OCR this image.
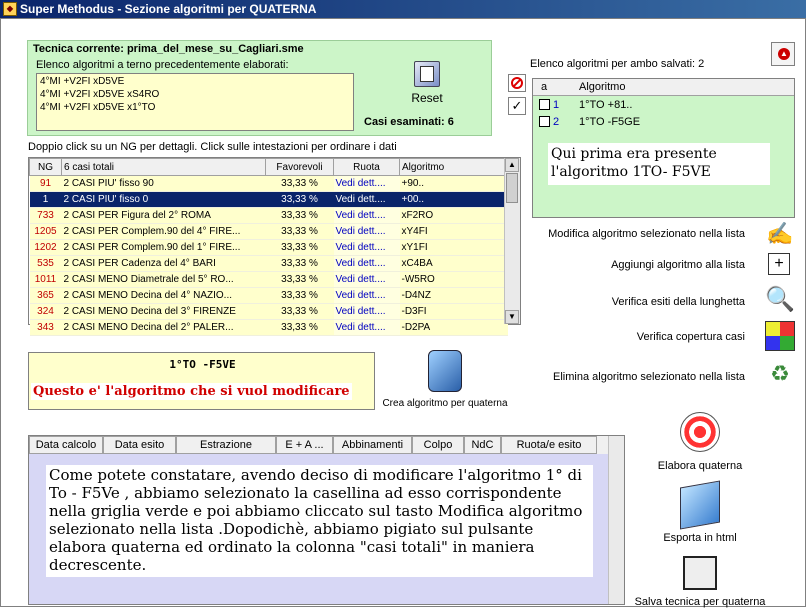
◆ Super Methodus - Sezione algoritmi per QUATERNA
Tecnica corrente: prima_del_mese_su_Cagliari.sme
Elenco algoritmi a terno precedentemente elaborati:
4°MI +V2FI xD5VE
4°MI +V2FI xD5VE xS4RO
4°MI +V2FI xD5VE x1°TO
Reset
Casi esaminati: 6
Doppio click su un NG per dettagli. Click sulle intestazioni per ordinare i dati
NG	6 casi totali	Favorevoli	Ruota	Algoritmo
91	2 CASI PIU' fisso 90	33,33 %	Vedi dett....	+90..
1	2 CASI PIU' fisso 0	33,33 %	Vedi dett....	+00..
733	2 CASI PER Figura del 2° ROMA	33,33 %	Vedi dett....	xF2RO
1205	2 CASI PER Complem.90 del 4° FIRE...	33,33 %	Vedi dett....	xY4FI
1202	2 CASI PER Complem.90 del 1° FIRE...	33,33 %	Vedi dett....	xY1FI
535	2 CASI PER Cadenza del 4° BARI	33,33 %	Vedi dett....	xC4BA
1011	2 CASI MENO Diametrale del 5° RO...	33,33 %	Vedi dett....	-W5RO
365	2 CASI MENO Decina del 4° NAZIO...	33,33 %	Vedi dett....	-D4NZ
324	2 CASI MENO Decina del 3° FIRENZE	33,33 %	Vedi dett....	-D3FI
343	2 CASI MENO Decina del 2° PALER...	33,33 %	Vedi dett....	-D2PA
▲
▼
Elenco algoritmi per ambo salvati: 2
▲
✓
a	Algoritmo
1 1°TO +81..
2 1°TO -F5GE
Qui prima era presente l'algoritmo 1TO- F5VE
Modifica algoritmo selezionato nella lista ✍
Aggiungi algoritmo alla lista	+
Verifica esiti della lunghetta 🔍
Verifica copertura casi
Elimina algoritmo selezionato nella lista ♻
1°TO -F5VE
Questo e' l'algoritmo che si vuol modificare
Crea algoritmo per quaterna
Data calcolo	Data esito	Estrazione	E + A ...	Abbinamenti	Colpo	NdC	Ruota/e esito
Come potete constatare, avendo deciso di modificare l'algoritmo 1° di To - F5Ve , abbiamo selezionato la casellina ad esso corrispondente nella griglia verde e poi abbiamo cliccato sul tasto Modifica algoritmo selezionato nella lista .Dopodichè, abbiamo pigiato sul pulsante elabora quaterna ed ordinato la colonna "casi totali" in maniera decrescente.
Elabora quaterna
Esporta in html
Salva tecnica per quaterna
